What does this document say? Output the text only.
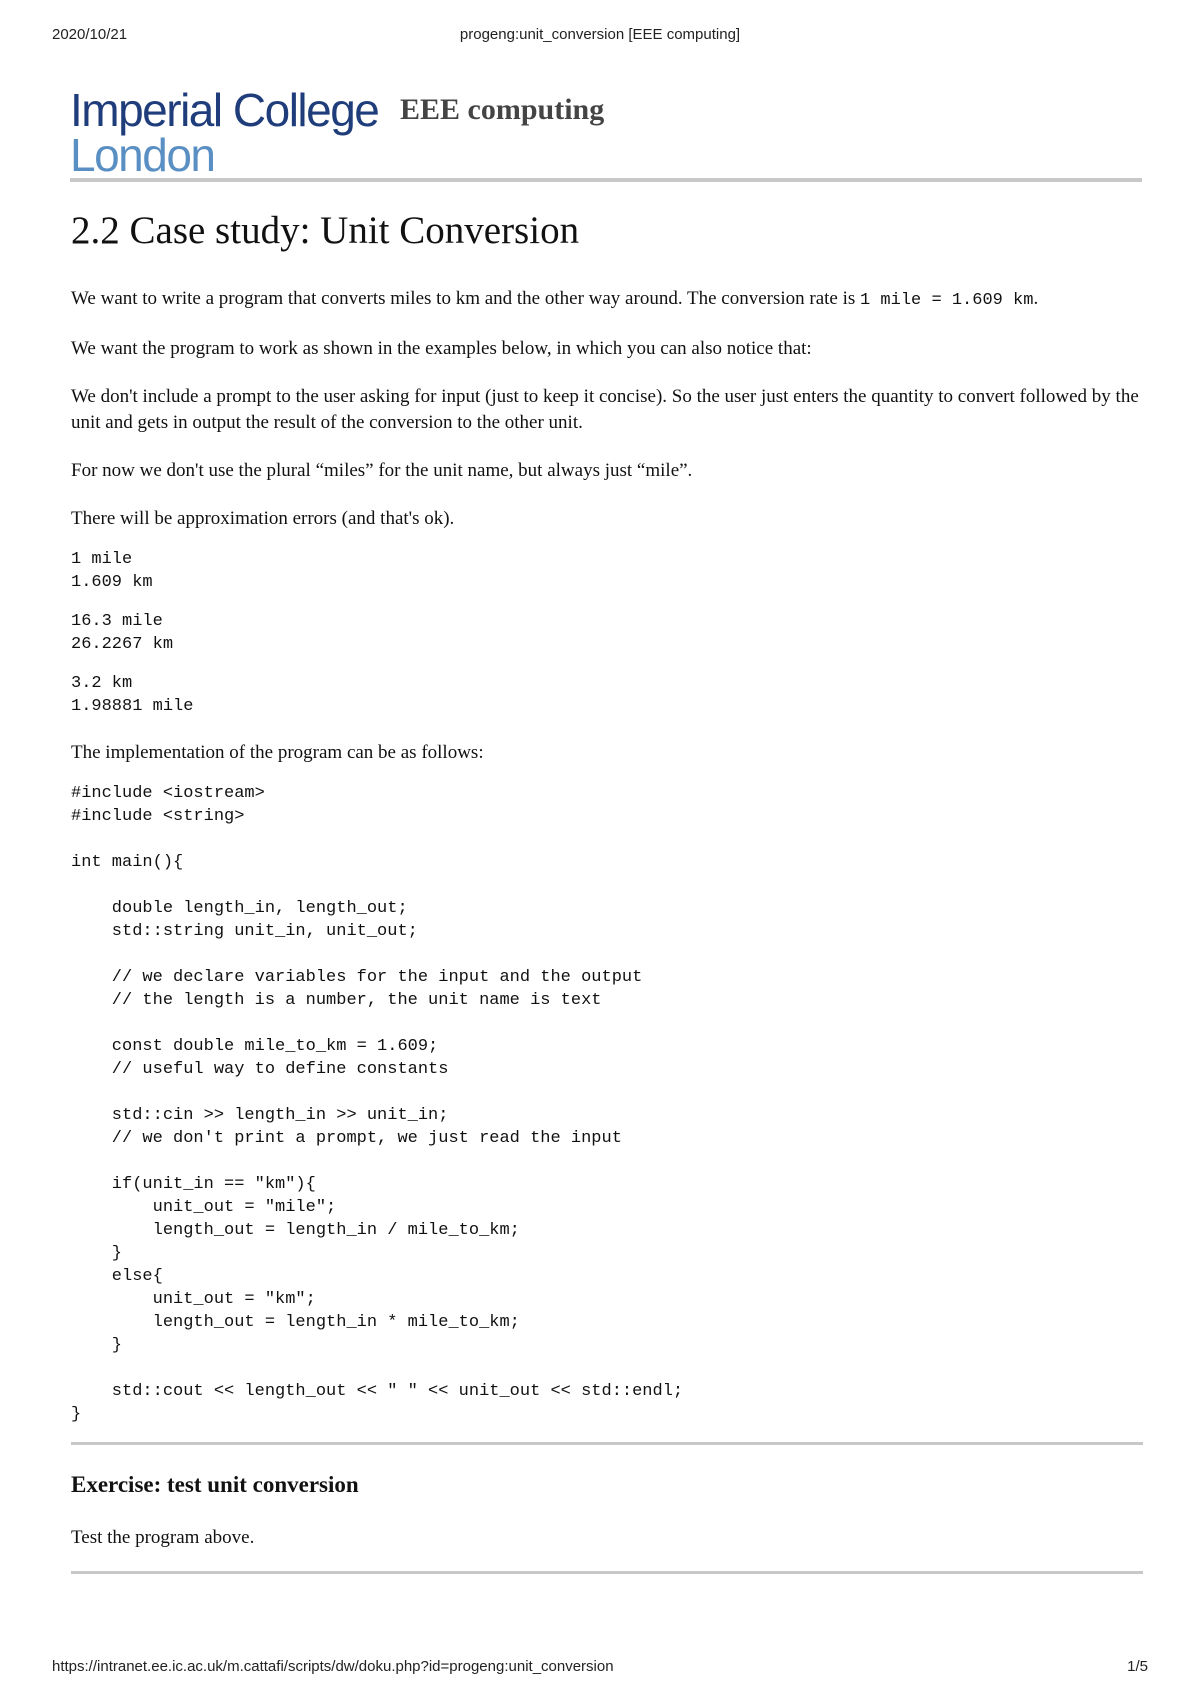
2020/10/21	progeng:unit_conversion [EEE computing]
Imperial College
London
EEE computing
2.2 Case study: Unit Conversion

We want to write a program that converts miles to km and the other way around. The conversion rate is 1 mile = 1.609 km.

We want the program to work as shown in the examples below, in which you can also notice that:

We don't include a prompt to the user asking for input (just to keep it concise). So the user just enters the quantity to convert followed by the unit and gets in output the result of the conversion to the other unit.

For now we don't use the plural “miles” for the unit name, but always just “mile”.

There will be approximation errors (and that's ok).

1 mile
1.609 km
16.3 mile
26.2267 km
3.2 km
1.98881 mile

The implementation of the program can be as follows:

#include <iostream>
#include <string>

int main(){

double length_in, length_out;
std::string unit_in, unit_out;

// we declare variables for the input and the output
// the length is a number, the unit name is text

const double mile_to_km = 1.609;
// useful way to define constants

std::cin >> length_in >> unit_in;
// we don't print a prompt, we just read the input

if(unit_in == "km"){
unit_out = "mile";
length_out = length_in / mile_to_km;
}
else{
unit_out = "km";
length_out = length_in * mile_to_km;
}

std::cout << length_out << " " << unit_out << std::endl;
}
Exercise: test unit conversion

Test the program above.

https://intranet.ee.ic.ac.uk/m.cattafi/scripts/dw/doku.php?id=progeng:unit_conversion	1/5
